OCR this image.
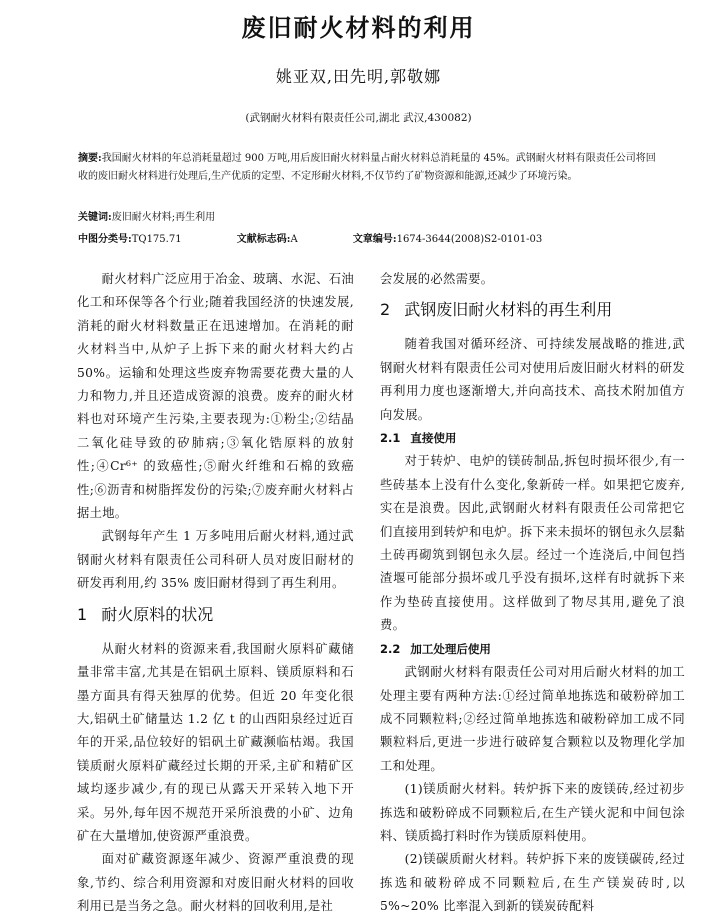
废旧耐火材料的利用
姚亚双,田先明,郭敬娜
(武钢耐火材料有限责任公司,湖北 武汉,430082)
摘要:我国耐火材料的年总消耗量超过 900 万吨,用后废旧耐火材料量占耐火材料总消耗量的 45%。武钢耐火材料有限责任公司将回收的废旧耐火材料进行处理后,生产优质的定型、不定形耐火材料,不仅节约了矿物资源和能源,还减少了环境污染。
关键词:废旧耐火材料;再生利用
中图分类号:TQ175.71	文献标志码:A	文章编号:1674-3644(2008)S2-0101-03

耐火材料广泛应用于冶金、玻璃、水泥、石油化工和环保等各个行业;随着我国经济的快速发展,消耗的耐火材料数量正在迅速增加。在消耗的耐火材料当中,从炉子上拆下来的耐火材料大约占 50%。运输和处理这些废弃物需要花费大量的人力和物力,并且还造成资源的浪费。废弃的耐火材料也对环境产生污染,主要表现为:①粉尘;②结晶二氧化硅导致的矽肺病;③氧化锆原料的放射性;④Cr⁶⁺ 的致癌性;⑤耐火纤维和石棉的致癌性;⑥沥青和树脂挥发份的污染;⑦废弃耐火材料占据土地。

武钢每年产生 1 万多吨用后耐火材料,通过武钢耐火材料有限责任公司科研人员对废旧耐材的研发再利用,约 35% 废旧耐材得到了再生利用。

1 耐火原料的状况

从耐火材料的资源来看,我国耐火原料矿藏储量非常丰富,尤其是在铝矾土原料、镁质原料和石墨方面具有得天独厚的优势。但近 20 年变化很大,铝矾土矿储量达 1.2 亿 t 的山西阳泉经过近百年的开采,品位较好的铝矾土矿藏濒临枯竭。我国镁质耐火原料矿藏经过长期的开采,主矿和精矿区域均逐步减少,有的现已从露天开采转入地下开采。另外,每年因不规范开采所浪费的小矿、边角矿在大量增加,使资源严重浪费。

面对矿藏资源逐年减少、资源严重浪费的现象,节约、综合利用资源和对废旧耐火材料的回收利用已是当务之急。耐火材料的回收利用,是社

会发展的必然需要。

2 武钢废旧耐火材料的再生利用

随着我国对循环经济、可持续发展战略的推进,武钢耐火材料有限责任公司对使用后废旧耐火材料的研发再利用力度也逐渐增大,并向高技术、高技术附加值方向发展。

2.1 直接使用

对于转炉、电炉的镁砖制品,拆包时损坏很少,有一些砖基本上没有什么变化,象新砖一样。如果把它废弃,实在是浪费。因此,武钢耐火材料有限责任公司常把它们直接用到转炉和电炉。拆下来未损坏的钢包永久层黏土砖再砌筑到钢包永久层。经过一个连浇后,中间包挡渣堰可能部分损坏或几乎没有损坏,这样有时就拆下来作为垫砖直接使用。这样做到了物尽其用,避免了浪费。

2.2 加工处理后使用

武钢耐火材料有限责任公司对用后耐火材料的加工处理主要有两种方法:①经过简单地拣选和破粉碎加工成不同颗粒料;②经过简单地拣选和破粉碎加工成不同颗粒料后,更进一步进行破碎复合颗粒以及物理化学加工和处理。

(1)镁质耐火材料。转炉拆下来的废镁砖,经过初步拣选和破粉碎成不同颗粒后,在生产镁火泥和中间包涂料、镁质捣打料时作为镁质原料使用。

(2)镁碳质耐火材料。转炉拆下来的废镁碳砖,经过拣选和破粉碎成不同颗粒后,在生产镁炭砖时,以 5%~20% 比率混入到新的镁炭砖配料
